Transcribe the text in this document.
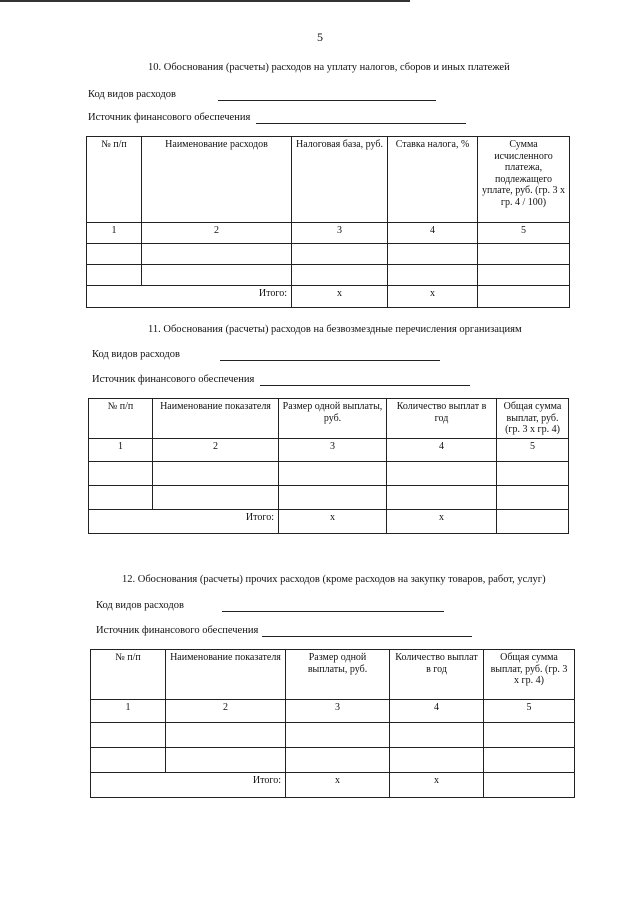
5
10. Обоснования (расчеты) расходов на уплату налогов, сборов и иных платежей
Код видов расходов
Источник финансового обеспечения
№ п/п	Наименование расходов	Налоговая база, руб.	Ставка налога, %	Сумма исчисленного платежа, подлежащего уплате, руб. (гр. 3 х гр. 4 / 100)
1	2	3	4	5

Итого:		х	х	
11. Обоснования (расчеты) расходов на безвозмездные перечисления организациям
Код видов расходов
Источник финансового обеспечения
№ п/п	Наименование показателя	Размер одной выплаты, руб.	Количество выплат в год	Общая сумма выплат, руб. (гр. 3 х гр. 4)
1	2	3	4	5

Итого:		х	х	
12. Обоснования (расчеты) прочих расходов (кроме расходов на закупку товаров, работ, услуг)
Код видов расходов
Источник финансового обеспечения
№ п/п	Наименование показателя	Размер одной выплаты, руб.	Количество выплат в год	Общая сумма выплат, руб. (гр. 3 х гр. 4)
1	2	3	4	5

Итого:		х	х	
